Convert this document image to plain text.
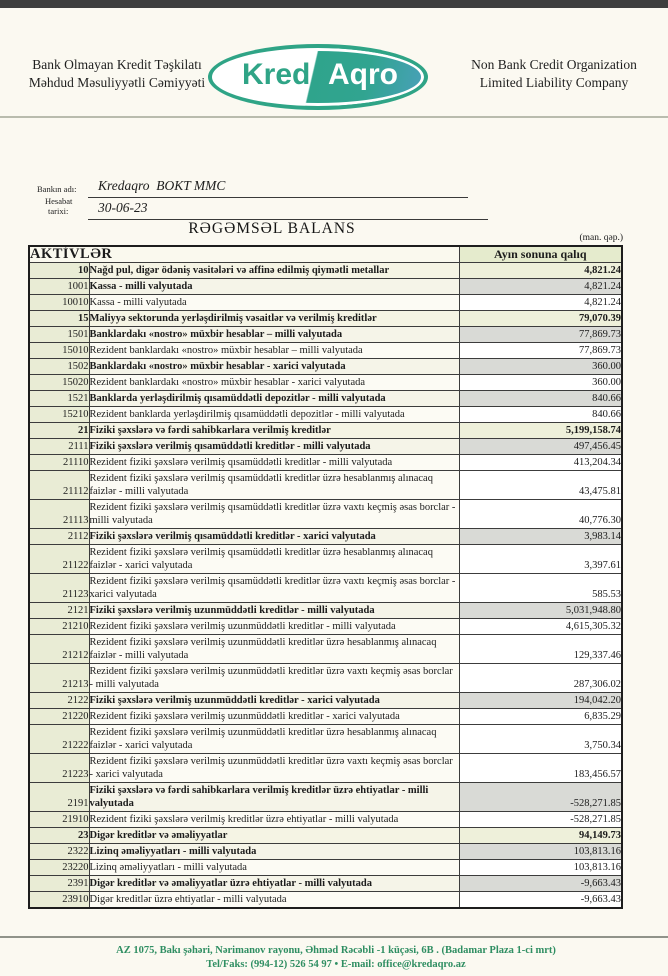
Bank Olmayan Kredit Təşkilatı
Məhdud Məsuliyyətli Cəmiyyəti	Kred Aqro	Non Bank Credit Organization
Limited Liability Company
Bankın adı:	Kredaqro  BOKT MMC
Hesabat
tarixi:	30-06-23
RƏGƏMSƏL BALANS
(man. qəp.)
AKTİVLƏR		Ayın sonuna qalıq
10	Nağd pul, digər ödəniş vasitələri və affinə edilmiş qiymətli metallar	4,821.24
1001	Kassa - milli valyutada	4,821.24
10010	Kassa - milli valyutada	4,821.24
15	Maliyyə sektorunda yerləşdirilmiş vəsaitlər və verilmiş kreditlər	79,070.39
1501	Banklardakı «nostro» müxbir hesablar – milli valyutada	77,869.73
15010	Rezident banklardakı «nostro» müxbir hesablar – milli valyutada	77,869.73
1502	Banklardakı «nostro» müxbir hesablar - xarici valyutada	360.00
15020	Rezident banklardakı «nostro» müxbir hesablar - xarici valyutada	360.00
1521	Banklarda yerləşdirilmiş qısamüddətli depozitlər - milli valyutada	840.66
15210	Rezident banklarda yerləşdirilmiş qısamüddətli depozitlər - milli valyutada	840.66
21	Fiziki şəxslərə və fərdi sahibkarlara verilmiş kreditlər	5,199,158.74
2111	Fiziki şəxslərə verilmiş qısamüddətli kreditlər - milli valyutada	497,456.45
21110	Rezident fiziki şəxslərə verilmiş qısamüddətli kreditlər - milli valyutada	413,204.34
21112	Rezident fiziki şəxslərə verilmiş qısamüddətli kreditlər üzrə hesablanmış alınacaq faizlər - milli valyutada	43,475.81
21113	Rezident fiziki şəxslərə verilmiş qısamüddətli kreditlər üzrə vaxtı keçmiş əsas borclar - milli valyutada	40,776.30
2112	Fiziki şəxslərə verilmiş qısamüddətli kreditlər - xarici valyutada	3,983.14
21122	Rezident fiziki şəxslərə verilmiş qısamüddətli kreditlər üzrə hesablanmış alınacaq faizlər - xarici valyutada	3,397.61
21123	Rezident fiziki şəxslərə verilmiş qısamüddətli kreditlər üzrə vaxtı keçmiş əsas borclar - xarici valyutada	585.53
2121	Fiziki şəxslərə verilmiş uzunmüddətli kreditlər - milli valyutada	5,031,948.80
21210	Rezident fiziki şəxslərə verilmiş uzunmüddətli kreditlər - milli valyutada	4,615,305.32
21212	Rezident fiziki şəxslərə verilmiş uzunmüddətli kreditlər üzrə hesablanmış alınacaq faizlər - milli valyutada	129,337.46
21213	Rezident fiziki şəxslərə verilmiş uzunmüddətli kreditlər üzrə vaxtı keçmiş əsas borclar - milli valyutada	287,306.02
2122	Fiziki şəxslərə verilmiş uzunmüddətli kreditlər - xarici valyutada	194,042.20
21220	Rezident fiziki şəxslərə verilmiş uzunmüddətli kreditlər - xarici valyutada	6,835.29
21222	Rezident fiziki şəxslərə verilmiş uzunmüddətli kreditlər üzrə hesablanmış alınacaq faizlər - xarici valyutada	3,750.34
21223	Rezident fiziki şəxslərə verilmiş uzunmüddətli kreditlər üzrə vaxtı keçmiş əsas borclar - xarici valyutada	183,456.57
2191	Fiziki şəxslərə və fərdi sahibkarlara verilmiş kreditlər üzrə ehtiyatlar - milli valyutada	-528,271.85
21910	Rezident fiziki şəxslərə verilmiş kreditlər üzrə ehtiyatlar - milli valyutada	-528,271.85
23	Digər kreditlər və əməliyyatlar	94,149.73
2322	Lizinq əməliyyatları - milli valyutada	103,813.16
23220	Lizinq əməliyyatları - milli valyutada	103,813.16
2391	Digər kreditlər və əməliyyatlar üzrə ehtiyatlar - milli valyutada	-9,663.43
23910	Digər kreditlər üzrə ehtiyatlar - milli valyutada	-9,663.43
AZ 1075, Bakı şəhəri, Nərimanov rayonu, Əhməd Rəcəbli -1 küçəsi, 6B . (Badamar Plaza 1-ci mrt)
Tel/Faks: (994-12) 526 54 97 • E-mail: office@kredaqro.az
